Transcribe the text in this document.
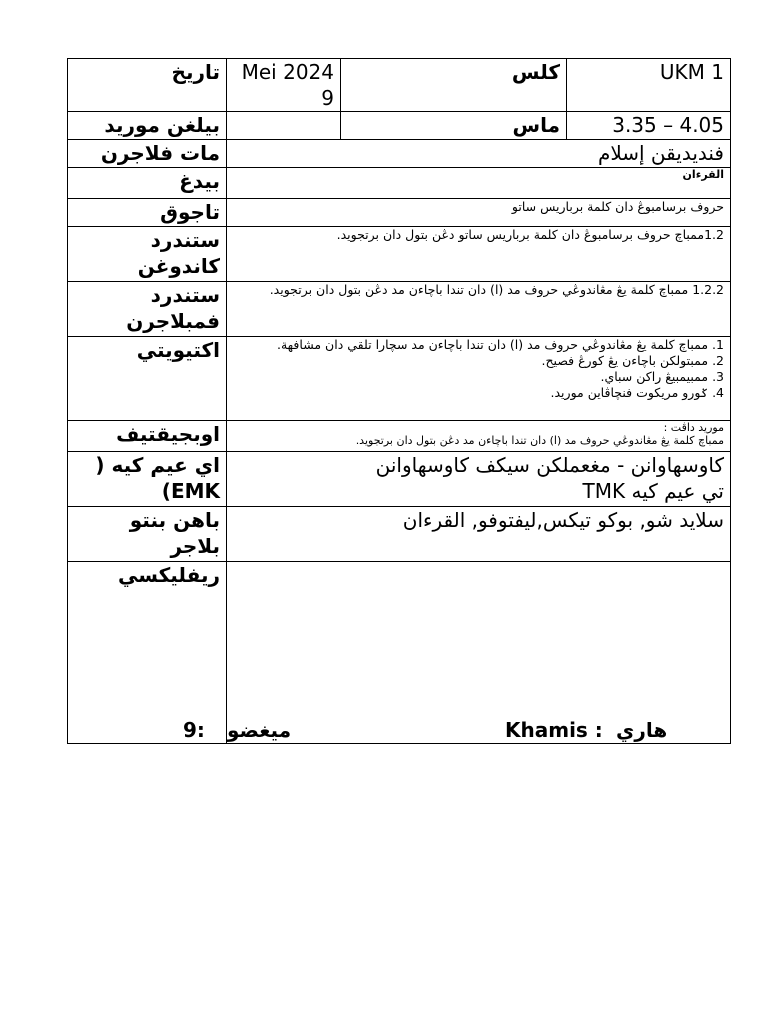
تاريخ	Mei 2024 9	كلس	UKM 1
بيلغن موريد		ماس	4.05 – 3.35
مات فلاجرن	فنديديقن إسلام		
بيدغ	القرءان		
تاجوق	حروف برسامبوڠ دان كلمة برباريس ساتو		
ستندرد كاندوغن	1.2ممباچ حروف برسامبوڠ دان كلمة برباريس ساتو دڠن بتول دان برتجويد.		
ستندرد فمبلاجرن	1.2.2 ممباچ كلمة يڠ مڠاندوڠي حروف مد (ا) دان تندا باچاءن مد دڠن بتول دان برتجويد.		
اكتيويتي	1. ممباچ كلمة يڠ مڠاندوڠي حروف مد (ا) دان تندا باچاءن مد سچارا تلقي دان مشافهة.
2. ممبتولكن باچاءن يڠ كورڠ فصيح.
3. ممبيمبيڠ راكن سباي.
4. ݢورو مريكوت فنچاڤاين موريد.		

اوبجيقتيف	موريد داڤت :
ممباچ كلمة يڠ مڠاندوڠي حروف مد (ا) دان تندا باچاءن مد دڠن بتول دان برتجويد.		

اي عيم كيه ( EMK)	كاوسهاوانن - مغعملكن سيكف كاوسهاوانن
تي عيم كيه TMK		

باهن بنتو بلاجر	سلايد شو, بوكو تيكس,ليفتوفو, القرءان		
ريفليكسي			
هاري
Khamis :
ميغضو
9:
